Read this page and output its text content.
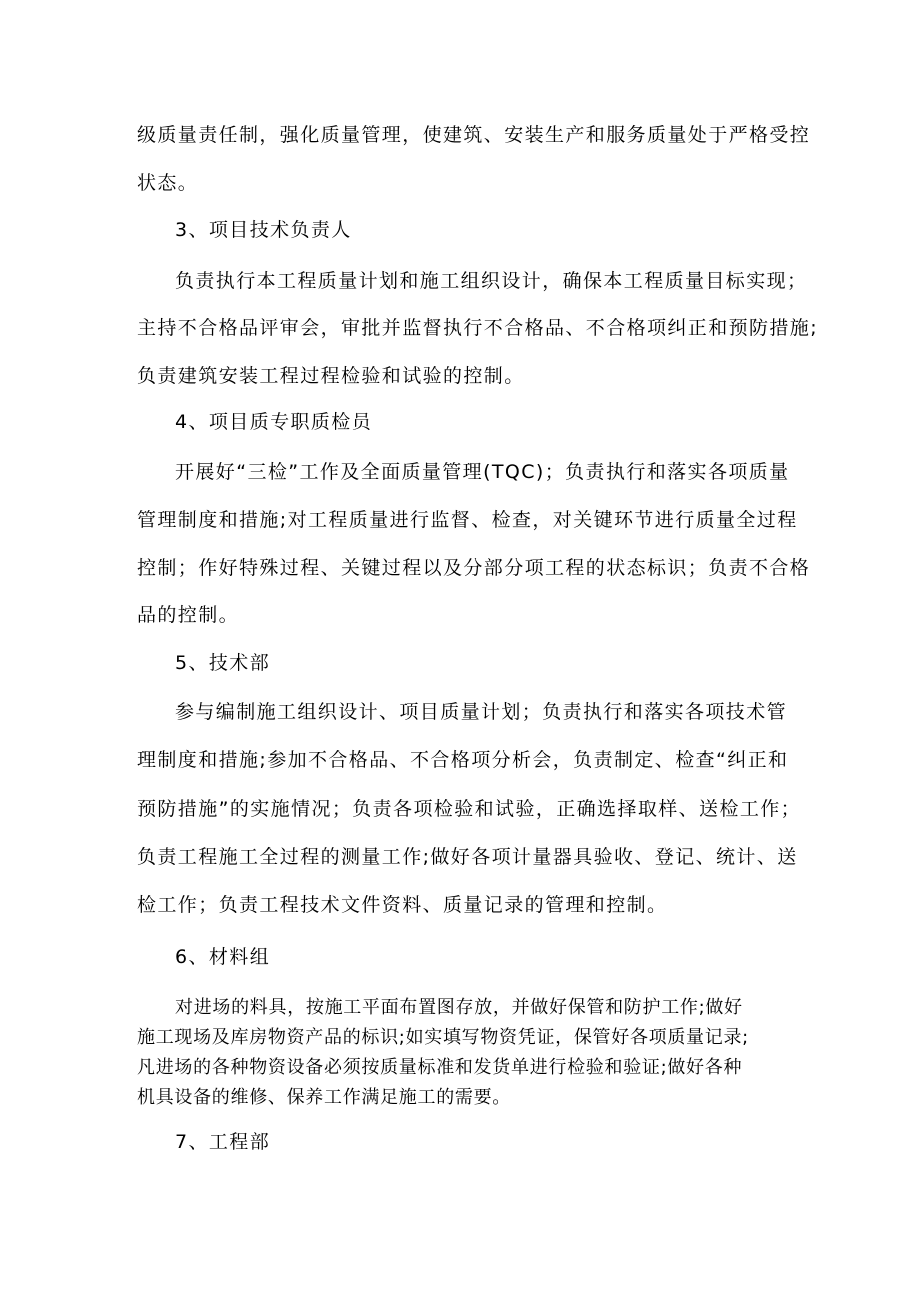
级质量责任制，强化质量管理，使建筑、安装生产和服务质量处于严格受控

状态。

3、项目技术负责人

负责执行本工程质量计划和施工组织设计，确保本工程质量目标实现；

主持不合格品评审会，审批并监督执行不合格品、不合格项纠正和预防措施;

负责建筑安装工程过程检验和试验的控制。

4、项目质专职质检员

开展好“三检”工作及全面质量管理(TQC)；负责执行和落实各项质量

管理制度和措施;对工程质量进行监督、检查，对关键环节进行质量全过程

控制；作好特殊过程、关键过程以及分部分项工程的状态标识；负责不合格

品的控制。

5、技术部

参与编制施工组织设计、项目质量计划；负责执行和落实各项技术管

理制度和措施;参加不合格品、不合格项分析会，负责制定、检查“纠正和

预防措施”的实施情况；负责各项检验和试验，正确选择取样、送检工作；

负责工程施工全过程的测量工作;做好各项计量器具验收、登记、统计、送

检工作；负责工程技术文件资料、质量记录的管理和控制。

6、材料组

对进场的料具，按施工平面布置图存放，并做好保管和防护工作;做好

施工现场及库房物资产品的标识;如实填写物资凭证，保管好各项质量记录;

凡进场的各种物资设备必须按质量标准和发货单进行检验和验证;做好各种

机具设备的维修、保养工作满足施工的需要。

7、工程部
